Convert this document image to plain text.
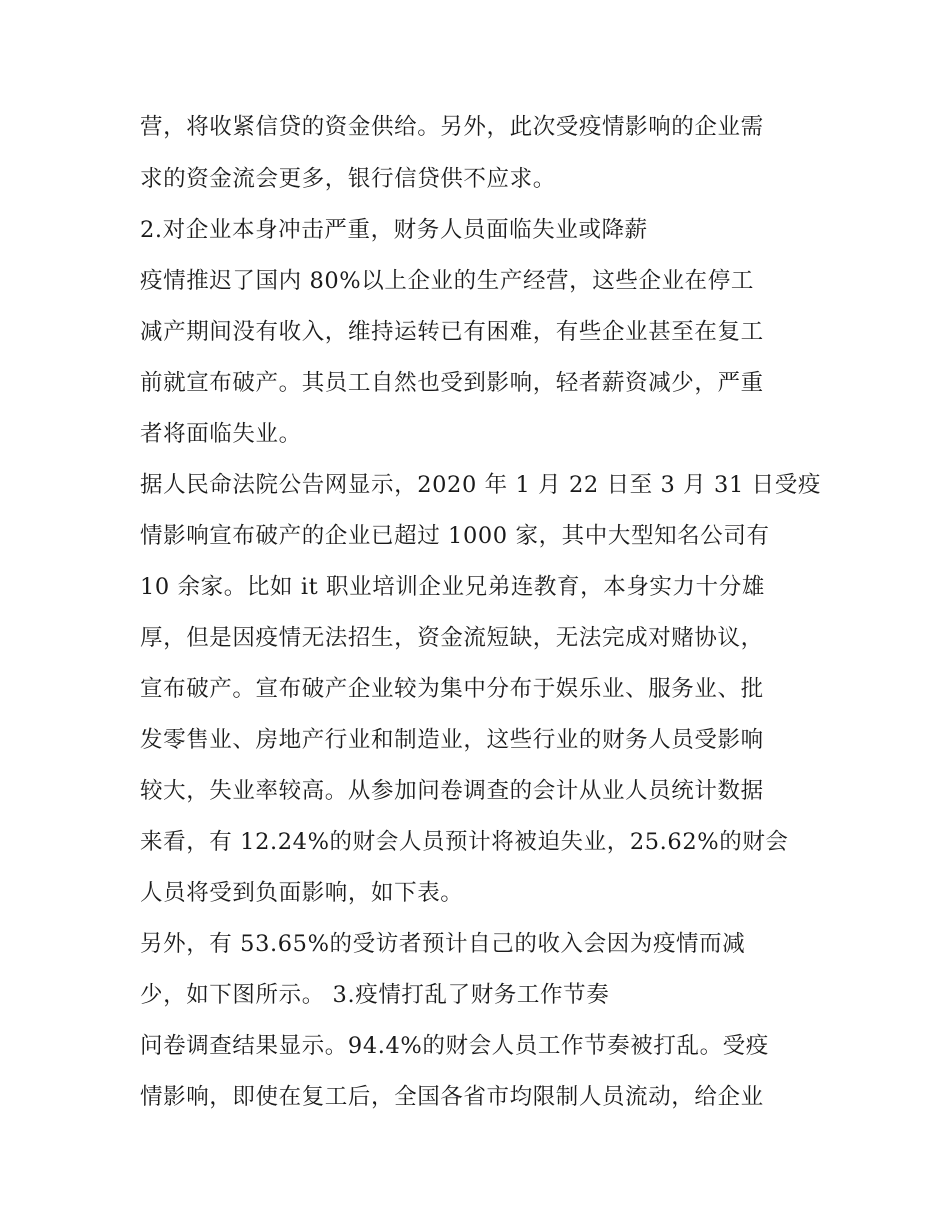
营，将收紧信贷的资金供给。另外，此次受疫情影响的企业需
求的资金流会更多，银行信贷供不应求。
2.对企业本身冲击严重，财务人员面临失业或降薪
疫情推迟了国内 80%以上企业的生产经营，这些企业在停工
减产期间没有收入，维持运转已有困难，有些企业甚至在复工
前就宣布破产。其员工自然也受到影响，轻者薪资减少，严重
者将面临失业。
据人民命法院公告网显示，2020 年 1 月 22 日至 3 月 31 日受疫
情影响宣布破产的企业已超过 1000 家，其中大型知名公司有
10 余家。比如 it 职业培训企业兄弟连教育，本身实力十分雄
厚，但是因疫情无法招生，资金流短缺，无法完成对赌协议，
宣布破产。宣布破产企业较为集中分布于娱乐业、服务业、批
发零售业、房地产行业和制造业，这些行业的财务人员受影响
较大，失业率较高。从参加问卷调查的会计从业人员统计数据
来看，有 12.24%的财会人员预计将被迫失业，25.62%的财会
人员将受到负面影响，如下表。
另外，有 53.65%的受访者预计自己的收入会因为疫情而减
少，如下图所示。 3.疫情打乱了财务工作节奏
问卷调查结果显示。94.4%的财会人员工作节奏被打乱。受疫
情影响，即使在复工后，全国各省市均限制人员流动，给企业
